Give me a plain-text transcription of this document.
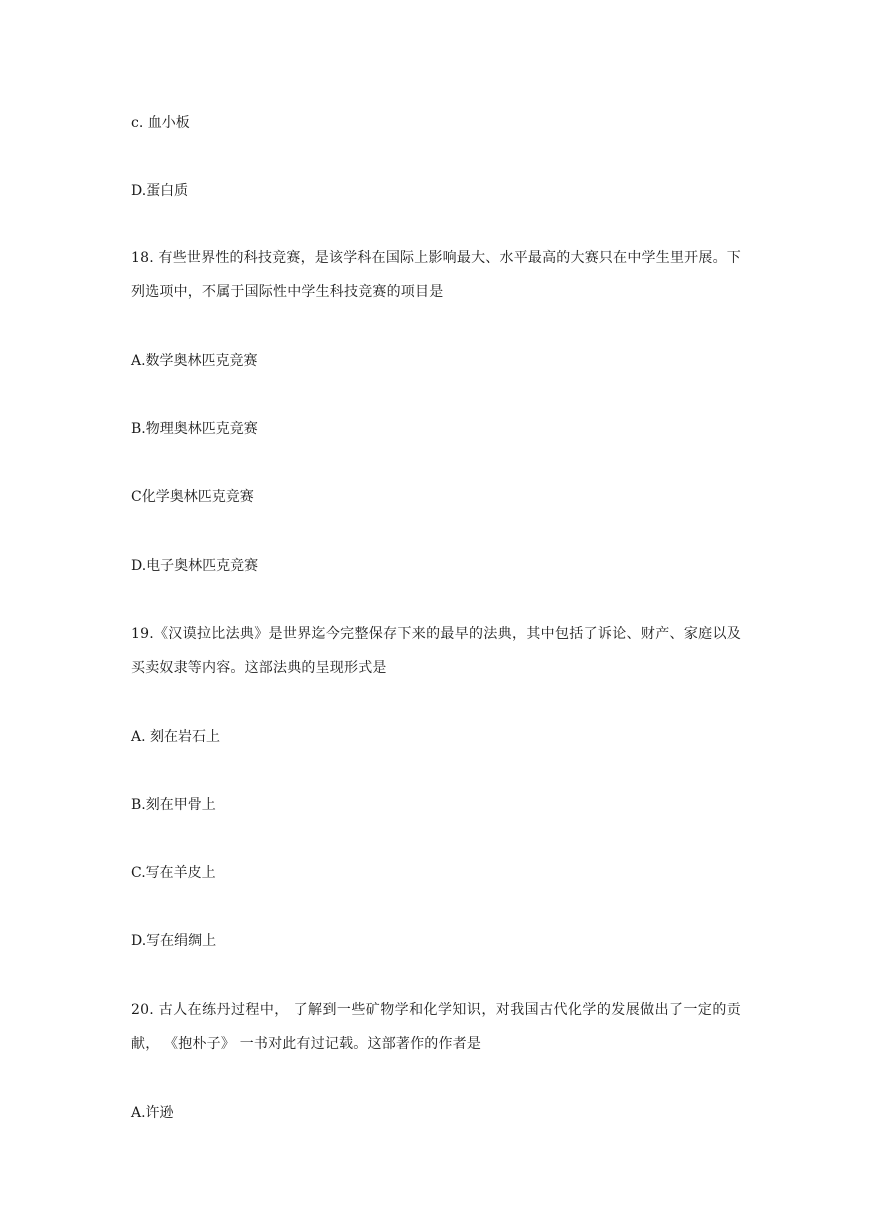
c. 血小板
D.蛋白质
18. 有些世界性的科技竞赛，是该学科在国际上影响最大、水平最高的大赛只在中学生里开展。下列选项中，不属于国际性中学生科技竞赛的项目是
A.数学奥林匹克竞赛
B.物理奥林匹克竞赛
C化学奥林匹克竞赛
D.电子奥林匹克竞赛
19.《汉谟拉比法典》是世界迄今完整保存下来的最早的法典，其中包括了诉论、财产、家庭以及买卖奴隶等内容。这部法典的呈现形式是
A. 刻在岩石上
B.刻在甲骨上
C.写在羊皮上
D.写在绢绸上
20. 古人在练丹过程中， 了解到一些矿物学和化学知识，对我国古代化学的发展做出了一定的贡献， 《抱朴子》 一书对此有过记载。这部著作的作者是
A.许逊
